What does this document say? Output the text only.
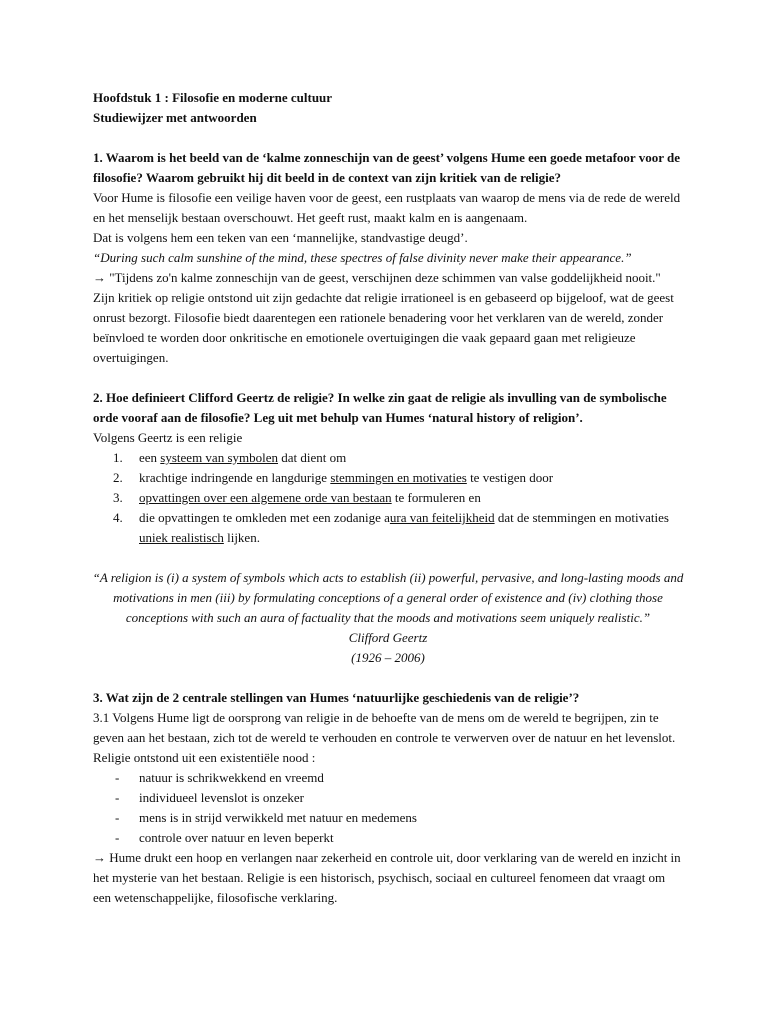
Hoofdstuk 1 : Filosofie en moderne cultuur

Studiewijzer met antwoorden

1. Waarom is het beeld van de ‘kalme zonneschijn van de geest’ volgens Hume een goede metafoor voor de filosofie? Waarom gebruikt hij dit beeld in de context van zijn kritiek van de religie?

Voor Hume is filosofie een veilige haven voor de geest, een rustplaats van waarop de mens via de rede de wereld en het menselijk bestaan overschouwt. Het geeft rust, maakt kalm en is aangenaam.

Dat is volgens hem een teken van een ‘mannelijke, standvastige deugd’.

“During such calm sunshine of the mind, these spectres of false divinity never make their appearance.”

→ "Tijdens zo'n kalme zonneschijn van de geest, verschijnen deze schimmen van valse goddelijkheid nooit."

Zijn kritiek op religie ontstond uit zijn gedachte dat religie irrationeel is en gebaseerd op bijgeloof, wat de geest onrust bezorgt. Filosofie biedt daarentegen een rationele benadering voor het verklaren van de wereld, zonder beïnvloed te worden door onkritische en emotionele overtuigingen die vaak gepaard gaan met religieuze overtuigingen.

2. Hoe definieert Clifford Geertz de religie? In welke zin gaat de religie als invulling van de symbolische orde vooraf aan de filosofie? Leg uit met behulp van Humes ‘natural history of religion’.

Volgens Geertz is een religie

1.	een systeem van symbolen dat dient om
2.	krachtige indringende en langdurige stemmingen en motivaties te vestigen door
3.	opvattingen over een algemene orde van bestaan te formuleren en
4.	die opvattingen te omkleden met een zodanige aura van feitelijkheid dat de stemmingen en motivaties uniek realistisch lijken.

“A religion is (i) a system of symbols which acts to establish (ii) powerful, pervasive, and long-lasting moods and motivations in men (iii) by formulating conceptions of a general order of existence and (iv) clothing those conceptions with such an aura of factuality that the moods and motivations seem uniquely realistic.”

Clifford Geertz

(1926 – 2006)

3. Wat zijn de 2 centrale stellingen van Humes ‘natuurlijke geschiedenis van de religie’?

3.1 Volgens Hume ligt de oorsprong van religie in de behoefte van de mens om de wereld te begrijpen, zin te geven aan het bestaan, zich tot de wereld te verhouden en controle te verwerven over de natuur en het levenslot. Religie ontstond uit een existentiële nood :

- natuur is schrikwekkend en vreemd
- individueel levenslot is onzeker
- mens is in strijd verwikkeld met natuur en medemens
- controle over natuur en leven beperkt

→ Hume drukt een hoop en verlangen naar zekerheid en controle uit, door verklaring van de wereld en inzicht in het mysterie van het bestaan. Religie is een historisch, psychisch, sociaal en cultureel fenomeen dat vraagt om een wetenschappelijke, filosofische verklaring.
